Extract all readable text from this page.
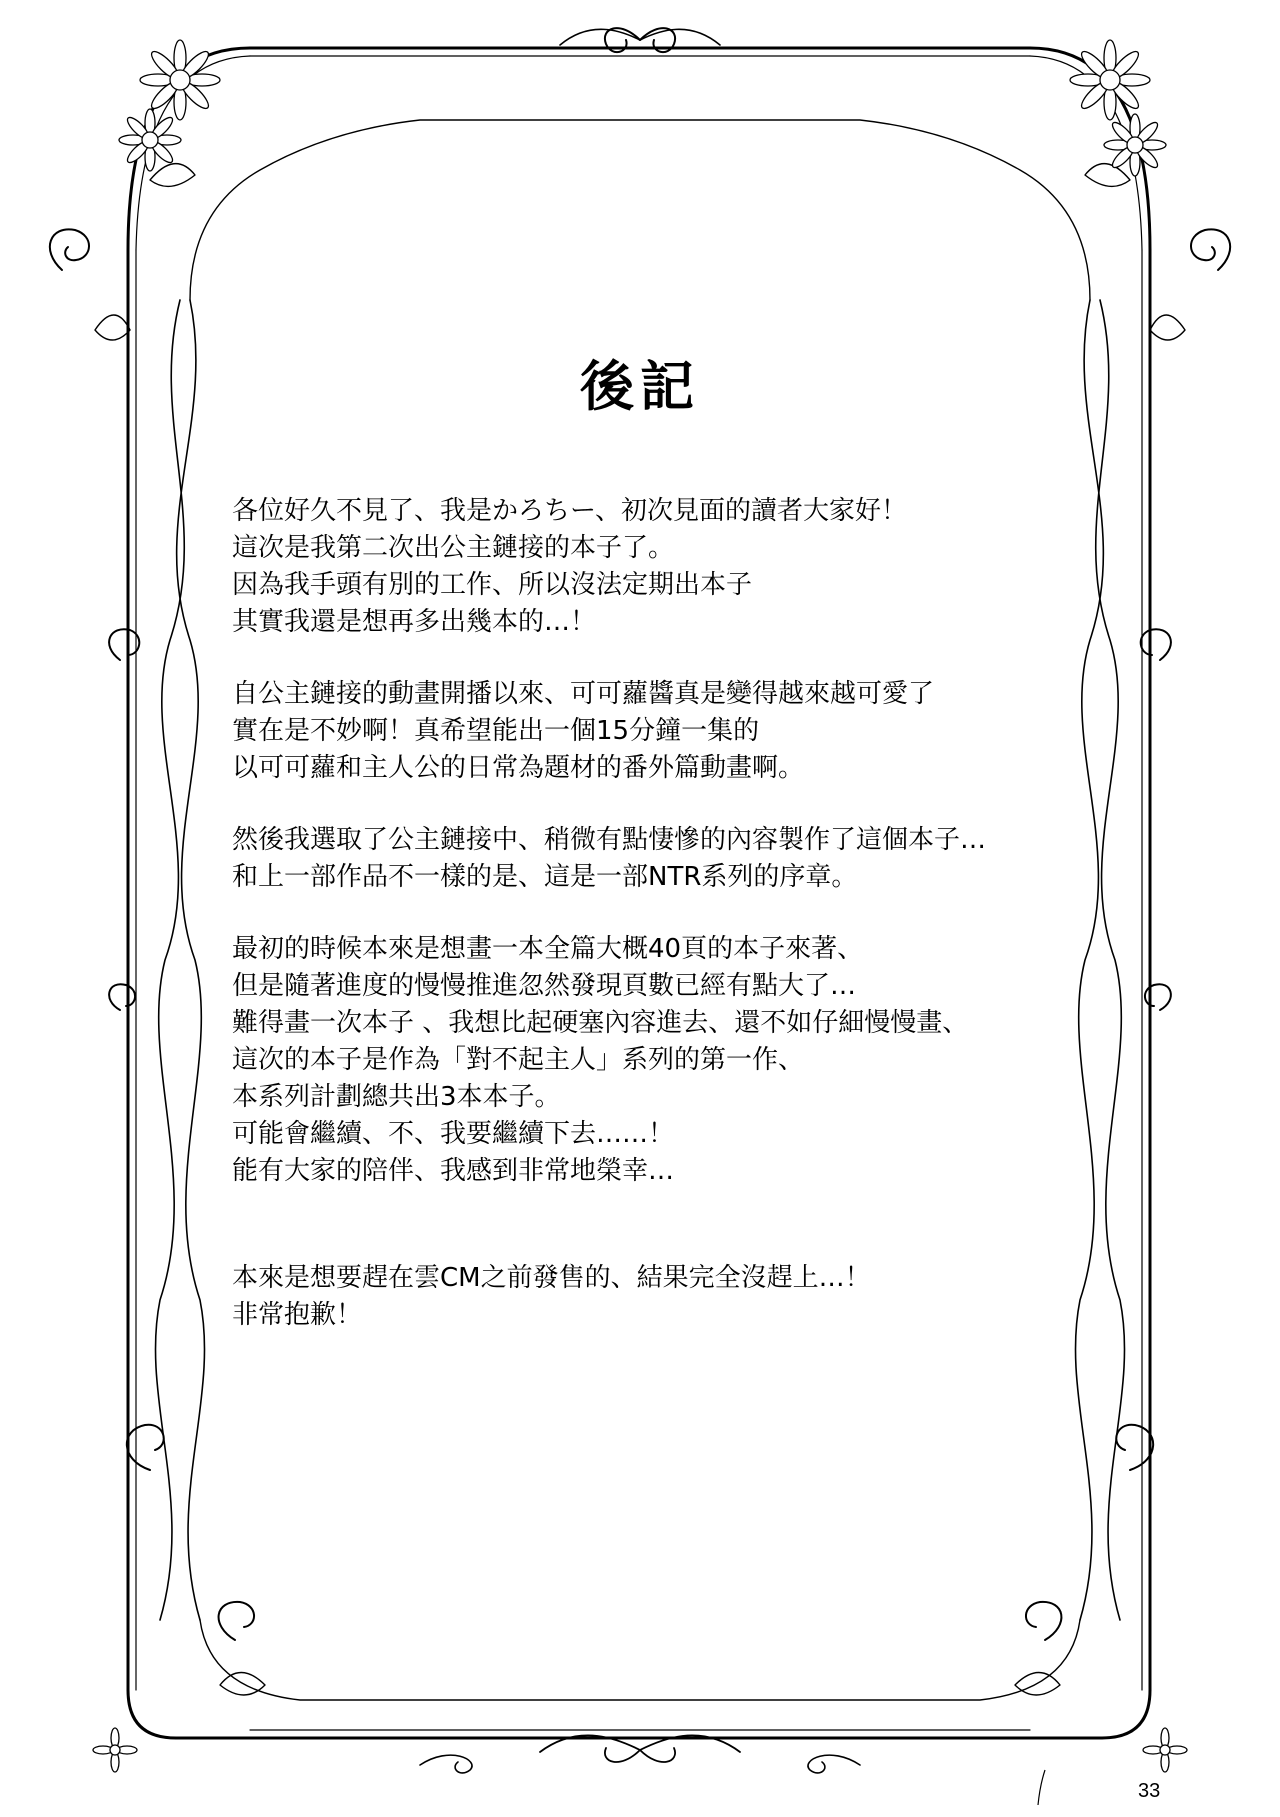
後記
各位好久不見了、我是かろちー、初次見面的讀者大家好！
這次是我第二次出公主鏈接的本子了。
因為我手頭有別的工作、所以沒法定期出本子
其實我還是想再多出幾本的…！
自公主鏈接的動畫開播以來、可可蘿醬真是變得越來越可愛了
實在是不妙啊！真希望能出一個15分鐘一集的
以可可蘿和主人公的日常為題材的番外篇動畫啊。
然後我選取了公主鏈接中、稍微有點悽慘的內容製作了這個本子…
和上一部作品不一樣的是、這是一部NTR系列的序章。
最初的時候本來是想畫一本全篇大概40頁的本子來著、
但是隨著進度的慢慢推進忽然發現頁數已經有點大了…
難得畫一次本子 、我想比起硬塞內容進去、還不如仔細慢慢畫、
這次的本子是作為「對不起主人」系列的第一作、
本系列計劃總共出3本本子。
可能會繼續、不、我要繼續下去……！
能有大家的陪伴、我感到非常地榮幸…
本來是想要趕在雲CM之前發售的、結果完全沒趕上…！
非常抱歉！
33
